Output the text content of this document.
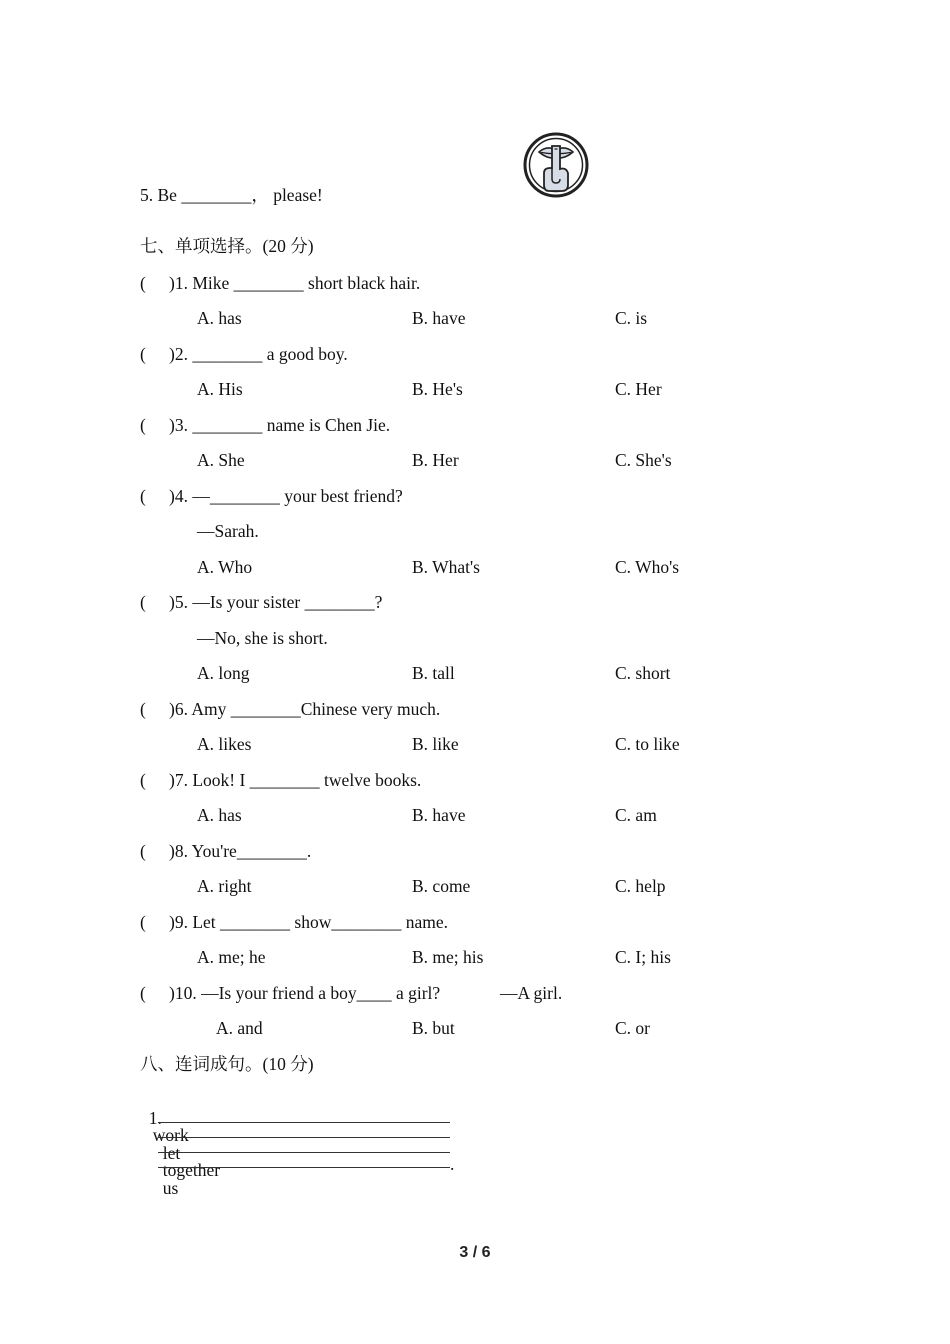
5. Be ________， please!
七、单项选择。(20 分)
( )1. Mike ________ short black hair.
A. has	B. have	C. is
( )2. ________ a good boy.
A. His	B. He's	C. Her
( )3. ________ name is Chen Jie.
A. She	B. Her	C. She's
( )4. —________ your best friend?
—Sarah.
A. Who	B. What's	C. Who's
( )5. —Is your sister ________?
—No, she is short.
A. long	B. tall	C. short
( )6. Amy ________Chinese very much.
A. likes	B. like	C. to like
( )7. Look! I ________ twelve books.
A. has	B. have	C. am
( )8. You're________.
A. right	B. come	C. help
( )9. Let ________ show________ name.
A. me; he	B. me; his	C. I; his
( )10. —Is your friend a boy____ a girl?	—A girl.
A. and	B. but	C. or
八、连词成句。(10 分)

1.
work
let
together
us

.
3 / 6
